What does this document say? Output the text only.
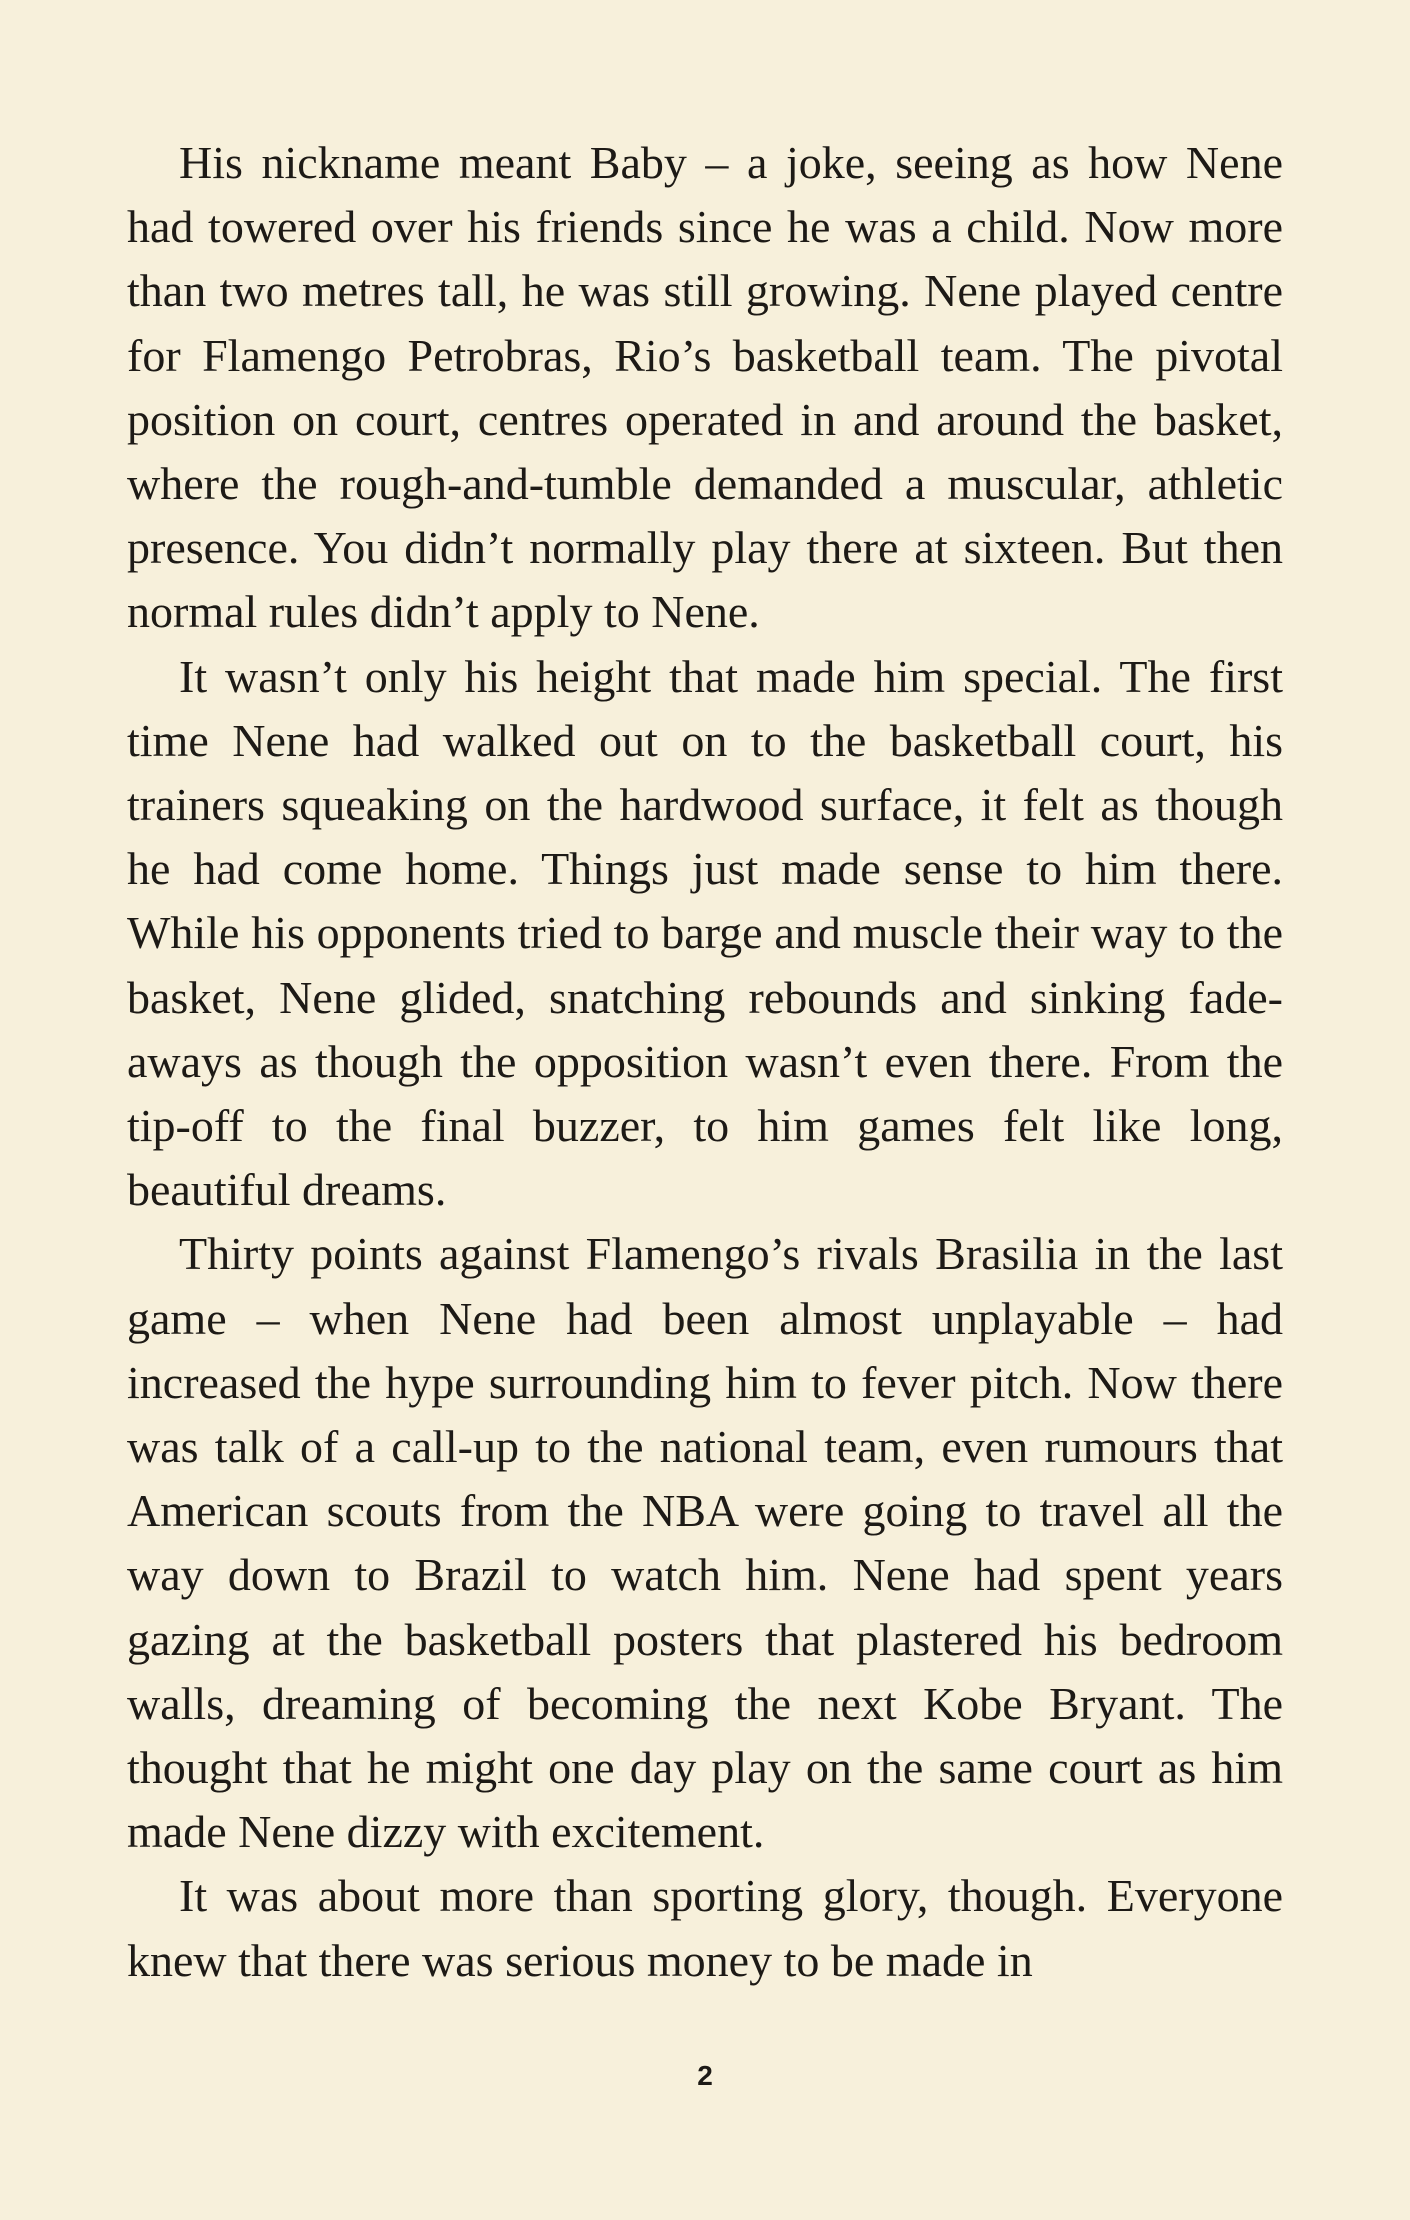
His nickname meant Baby – a joke, seeing as how Nene had towered over his friends since he was a child. Now more than two metres tall, he was still growing. Nene played centre for Flamengo Petrobras, Rio’s basketball team. The pivotal position on court, centres operated in and around the basket, where the rough-and-tumble demanded a muscular, athletic presence. You didn’t normally play there at sixteen. But then normal rules didn’t apply to Nene.

It wasn’t only his height that made him special. The first time Nene had walked out on to the basketball court, his trainers squeaking on the hardwood surface, it felt as though he had come home. Things just made sense to him there. While his opponents tried to barge and muscle their way to the basket, Nene glided, snatching rebounds and sinking fade-aways as though the opposition wasn’t even there. From the tip-off to the final buzzer, to him games felt like long, beautiful dreams.

Thirty points against Flamengo’s rivals Brasilia in the last game – when Nene had been almost unplayable – had increased the hype surrounding him to fever pitch. Now there was talk of a call-up to the national team, even rumours that American scouts from the NBA were going to travel all the way down to Brazil to watch him. Nene had spent years gazing at the basketball posters that plastered his bedroom walls, dreaming of becoming the next Kobe Bryant. The thought that he might one day play on the same court as him made Nene dizzy with excitement.

It was about more than sporting glory, though. Everyone knew that there was serious money to be made in

2
